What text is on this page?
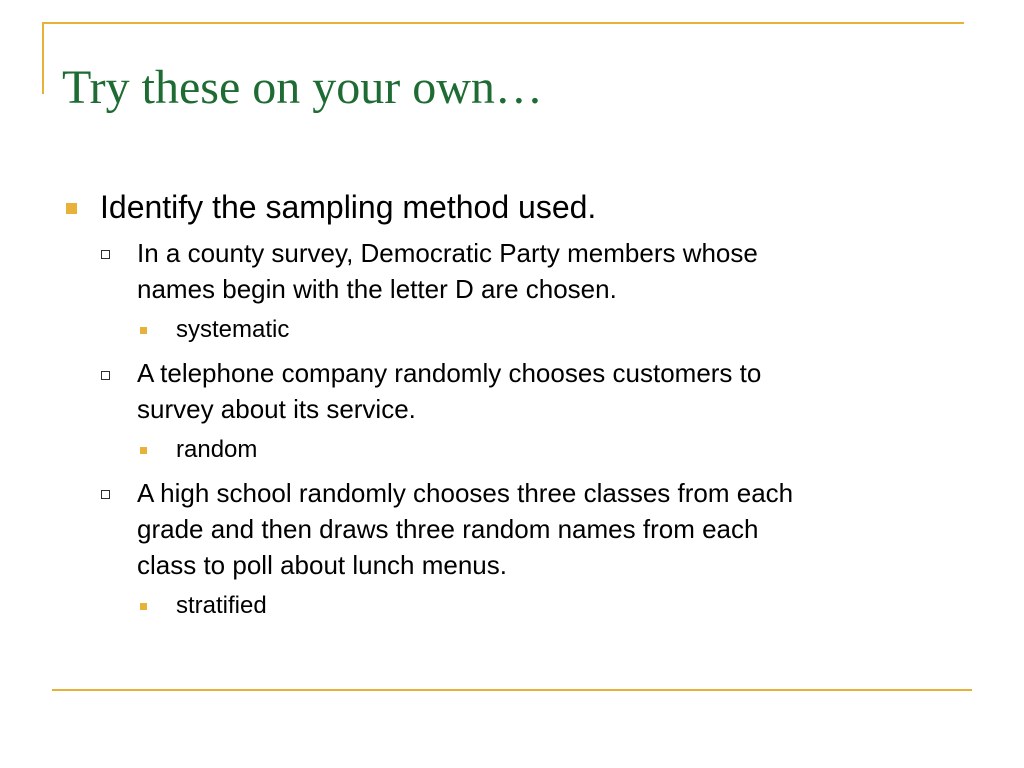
Try these on your own…
Identify the sampling method used.
In a county survey, Democratic Party members whose
names begin with the letter D are chosen.
systematic
A telephone company randomly chooses customers to
survey about its service.
random
A high school randomly chooses three classes from each
grade and then draws three random names from each
class to poll about lunch menus.
stratified
